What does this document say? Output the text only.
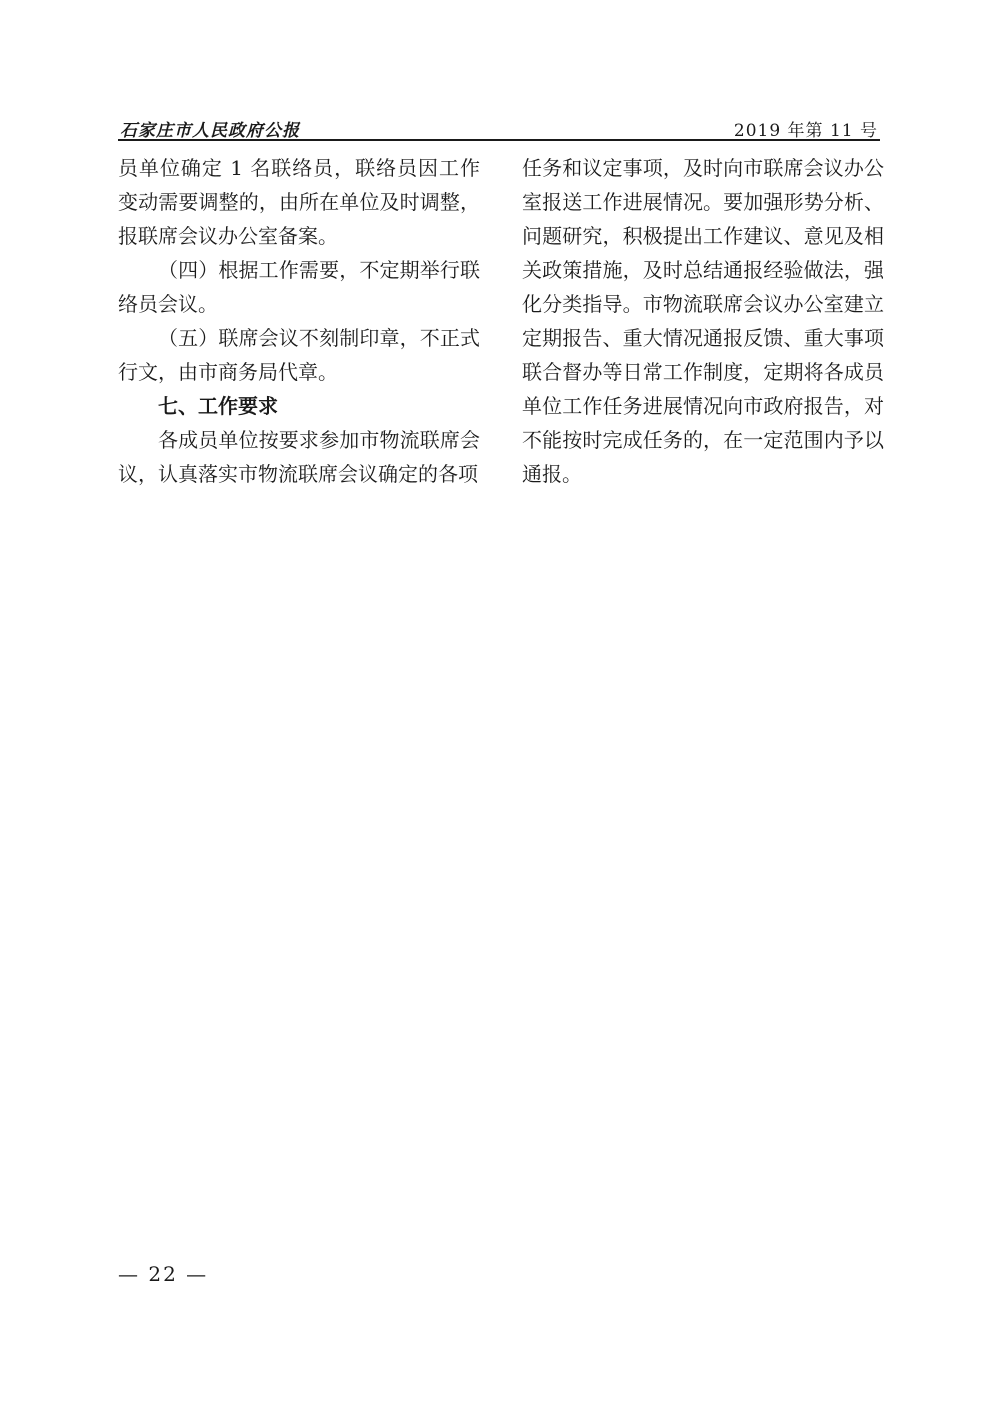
石家庄市人民政府公报	2019 年第 11 号

员单位确定 1 名联络员，联络员因工作变动需要调整的，由所在单位及时调整，报联席会议办公室备案。

（四）根据工作需要，不定期举行联络员会议。

（五）联席会议不刻制印章，不正式行文，由市商务局代章。

七、工作要求

各成员单位按要求参加市物流联席会议，认真落实市物流联席会议确定的各项

任务和议定事项，及时向市联席会议办公室报送工作进展情况。要加强形势分析、问题研究，积极提出工作建议、意见及相关政策措施，及时总结通报经验做法，强化分类指导。市物流联席会议办公室建立定期报告、重大情况通报反馈、重大事项联合督办等日常工作制度，定期将各成员单位工作任务进展情况向市政府报告，对不能按时完成任务的，在一定范围内予以通报。

— 22 —
